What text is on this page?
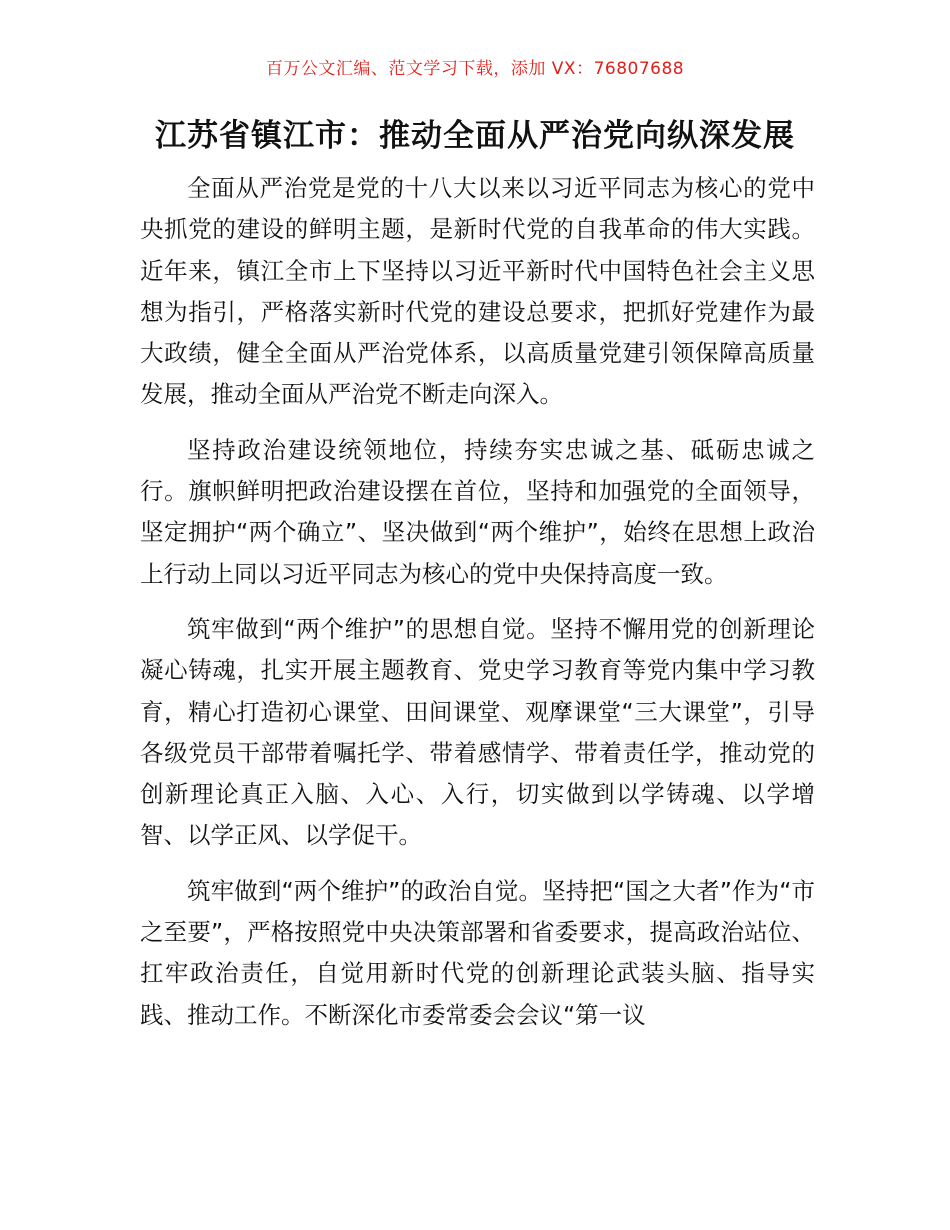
百万公文汇编、范文学习下载，添加 VX：76807688
江苏省镇江市：推动全面从严治党向纵深发展

全面从严治党是党的十八大以来以习近平同志为核心的党中央抓党的建设的鲜明主题，是新时代党的自我革命的伟大实践。近年来，镇江全市上下坚持以习近平新时代中国特色社会主义思想为指引，严格落实新时代党的建设总要求，把抓好党建作为最大政绩，健全全面从严治党体系，以高质量党建引领保障高质量发展，推动全面从严治党不断走向深入。

坚持政治建设统领地位，持续夯实忠诚之基、砥砺忠诚之行。旗帜鲜明把政治建设摆在首位，坚持和加强党的全面领导，坚定拥护“两个确立”、坚决做到“两个维护”，始终在思想上政治上行动上同以习近平同志为核心的党中央保持高度一致。

筑牢做到“两个维护”的思想自觉。坚持不懈用党的创新理论凝心铸魂，扎实开展主题教育、党史学习教育等党内集中学习教育，精心打造初心课堂、田间课堂、观摩课堂“三大课堂”，引导各级党员干部带着嘱托学、带着感情学、带着责任学，推动党的创新理论真正入脑、入心、入行，切实做到以学铸魂、以学增智、以学正风、以学促干。

筑牢做到“两个维护”的政治自觉。坚持把“国之大者”作为“市之至要”，严格按照党中央决策部署和省委要求，提高政治站位、扛牢政治责任，自觉用新时代党的创新理论武装头脑、指导实践、推动工作。不断深化市委常委会会议“第一议
